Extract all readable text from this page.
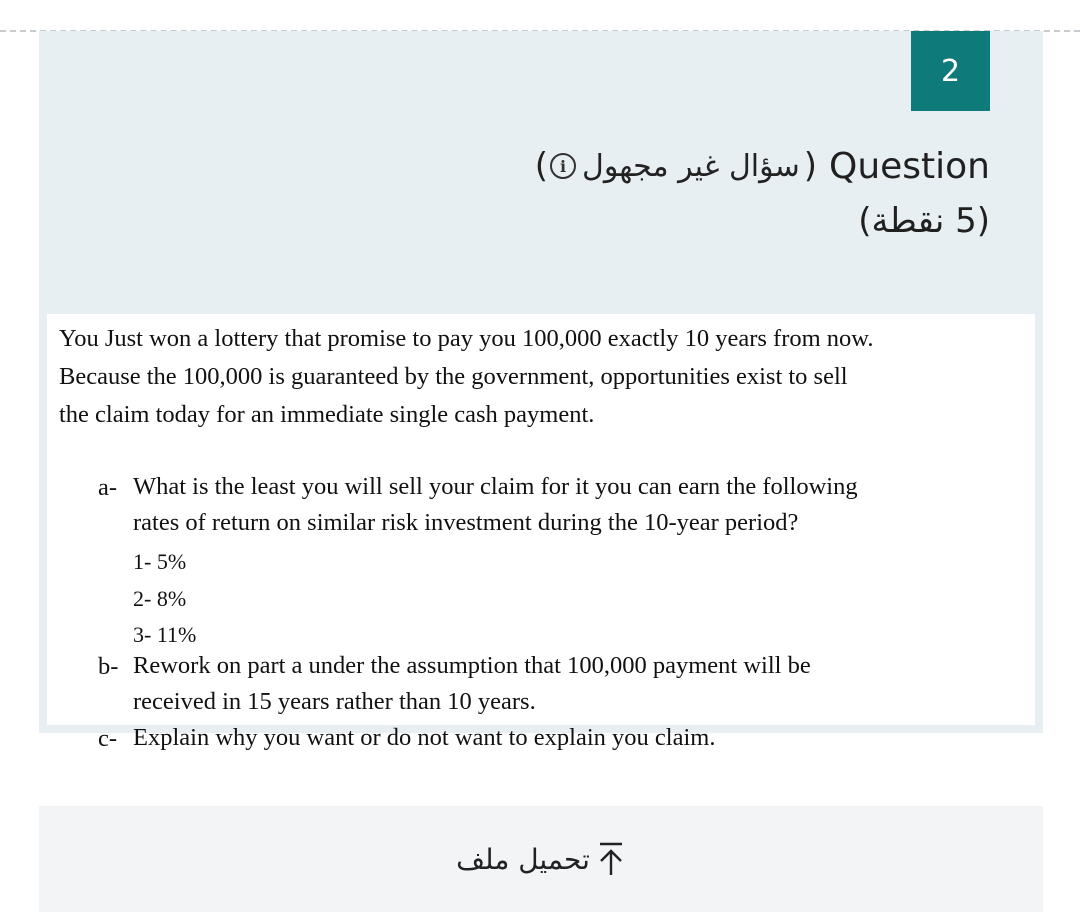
2
( i سؤال غير مجهول ) Question
(5 نقطة)

You Just won a lottery that promise to pay you 100,000 exactly 10 years from now.

Because the 100,000 is guaranteed by the government, opportunities exist to sell

the claim today for an immediate single cash payment.

a- What is the least you will sell your claim for it you can earn the following
rates of return on similar risk investment during the 10-year period?
1- 5%
2- 8%
3- 11%
b- Rework on part a under the assumption that 100,000 payment will be
received in 15 years rather than 10 years.
c- Explain why you want or do not want to explain you claim.
تحميل ملف
